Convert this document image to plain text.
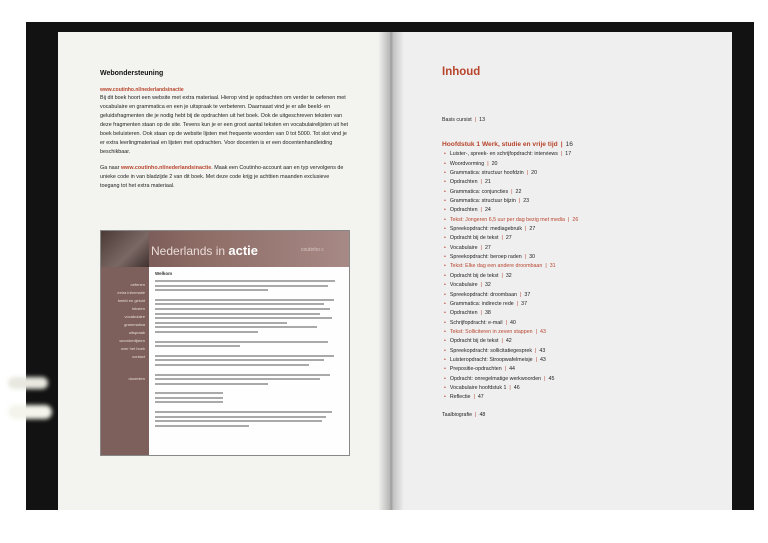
Webondersteuning
www.coutinho.nl/nederlandsinactie

Bij dit boek hoort een website met extra materiaal. Hierop vind je opdrachten om verder te oefenen met vocabulaire en grammatica en een je uitspraak te verbeteren. Daarnaast vind je er alle beeld- en geluidsfragmenten die je nodig hebt bij de opdrachten uit het boek. Ook de uitgeschreven teksten van deze fragmenten staan op de site. Tevens kun je er een groot aantal teksten en vocabulairelijsten uit het boek beluisteren. Ook staan op de website lijsten met frequente woorden van 0 tot 5000. Tot slot vind je er extra leerlingmateriaal en lijsten met opdrachten. Voor docenten is er een docentenhandleiding beschikbaar.

Ga naar www.coutinho.nl/nederlandsinactie. Maak een Coutinho-account aan en typ vervolgens de unieke code in van bladzijde 2 van dit boek. Met deze code krijg je achttien maanden exclusieve toegang tot het extra materiaal.

Nederlands in actie	coutinho c
oefenen
extra informatie
beeld en geluid
teksten
vocabulaire
grammatica
uitspraak
woordenlijsten
over het boek
contact
docenten
Welkom
Inhoud
Basis cursist | 13
Hoofdstuk 1 Werk, studie en vrije tijd | 16
• Luister-, spreek- en schrijfopdracht: interviews | 17
• Woordvorming | 20
• Grammatica: structuur hoofdzin | 20
• Opdrachten | 21
• Grammatica: conjuncties | 22
• Grammatica: structuur bijzin | 23
• Opdrachten | 24
• Tekst: Jongeren 6,5 uur per dag bezig met media | 26
• Spreekopdracht: mediagebruik | 27
• Opdracht bij de tekst | 27
• Vocabulaire | 27
• Spreekopdracht: beroep raden | 30
• Tekst: Elke dag een andere droombaan | 31
• Opdracht bij de tekst | 32
• Vocabulaire | 32
• Spreekopdracht: droombaan | 37
• Grammatica: indirecte rede | 37
• Opdrachten | 38
• Schrijfopdracht: e-mail | 40
• Tekst: Solliciteren in zeven stappen | 43
• Opdracht bij de tekst | 42
• Spreekopdracht: sollicitatiegesprek | 43
• Luisteropdracht: Stroopwafelmeisje | 43
• Prepositie-opdrachten | 44
• Opdracht: onregelmatige werkwoorden | 45
• Vocabulaire hoofdstuk 1 | 46
• Reflectie | 47
Taalbiografie | 48
